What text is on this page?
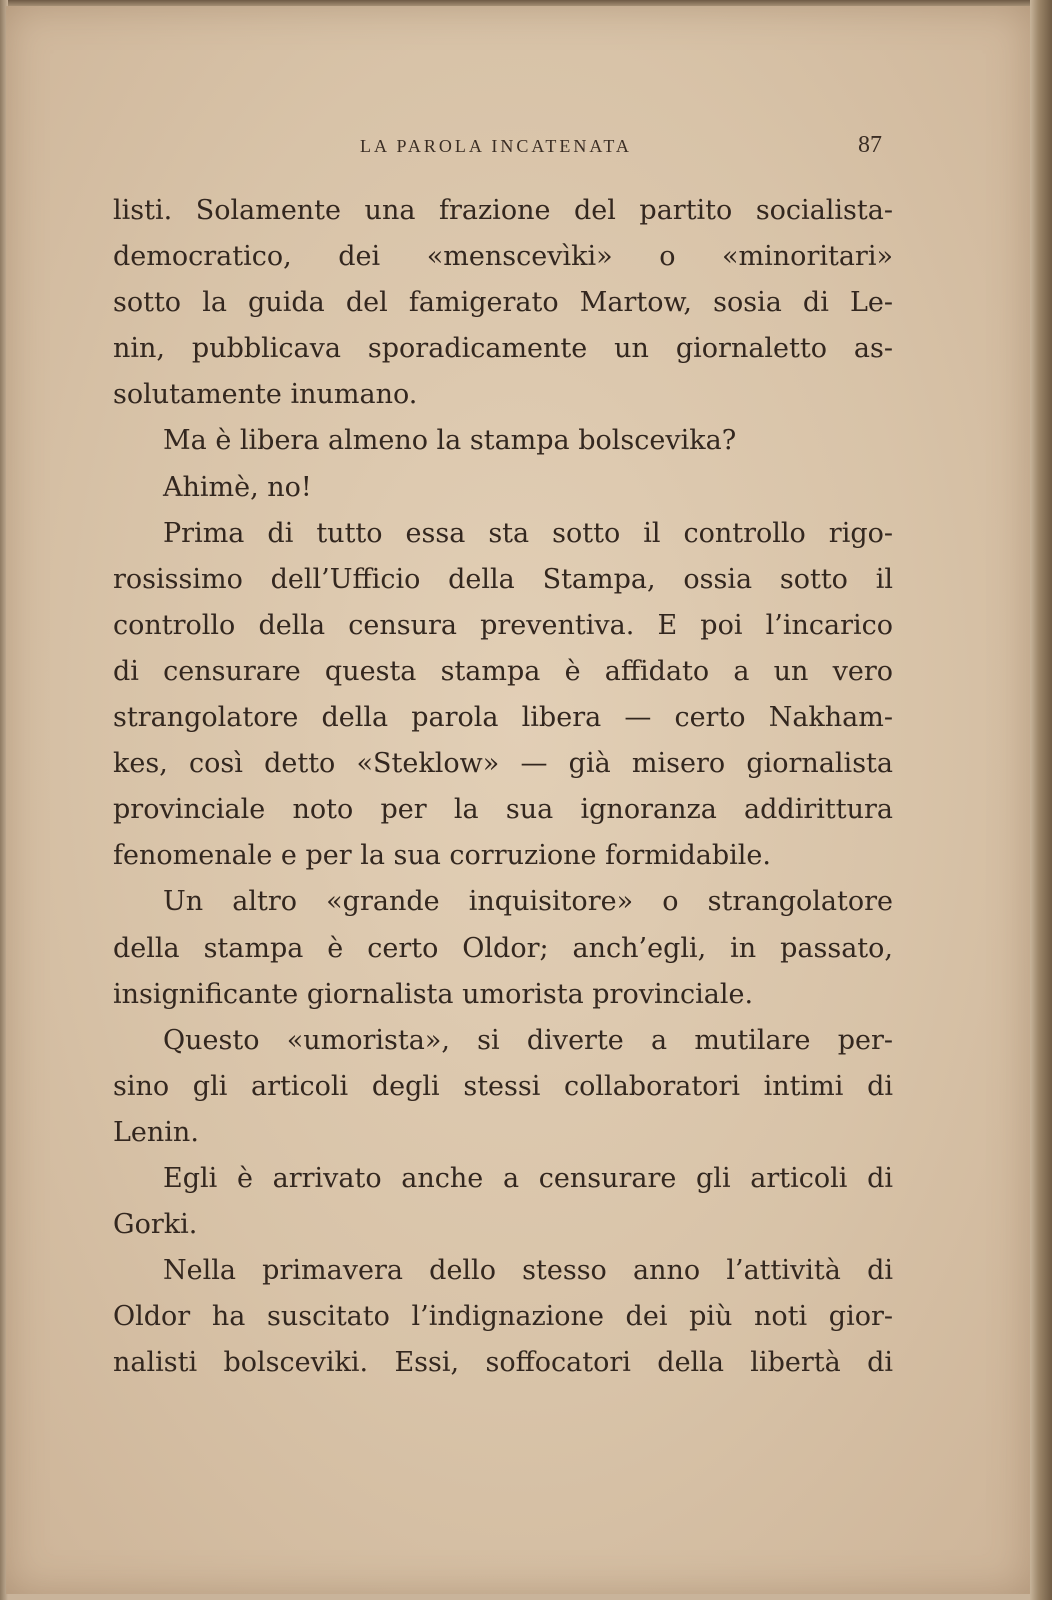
LA PAROLA INCATENATA	87
listi. Solamente una frazione del partito socialista-
democratico, dei «menscevìki» o «minoritari»
sotto la guida del famigerato Martow, sosia di Le-
nin, pubblicava sporadicamente un giornaletto as-
solutamente inumano.
Ma è libera almeno la stampa bolscevika?
Ahimè, no!
Prima di tutto essa sta sotto il controllo rigo-
rosissimo dell’Ufficio della Stampa, ossia sotto il
controllo della censura preventiva. E poi l’incarico
di censurare questa stampa è affidato a un vero
strangolatore della parola libera — certo Nakham-
kes, così detto «Steklow» — già misero giornalista
provinciale noto per la sua ignoranza addirittura
fenomenale e per la sua corruzione formidabile.
Un altro «grande inquisitore» o strangolatore
della stampa è certo Oldor; anch’egli, in passato,
insignificante giornalista umorista provinciale.
Questo «umorista», si diverte a mutilare per-
sino gli articoli degli stessi collaboratori intimi di
Lenin.
Egli è arrivato anche a censurare gli articoli di
Gorki.
Nella primavera dello stesso anno l’attività di
Oldor ha suscitato l’indignazione dei più noti gior-
nalisti bolsceviki. Essi, soffocatori della libertà di
